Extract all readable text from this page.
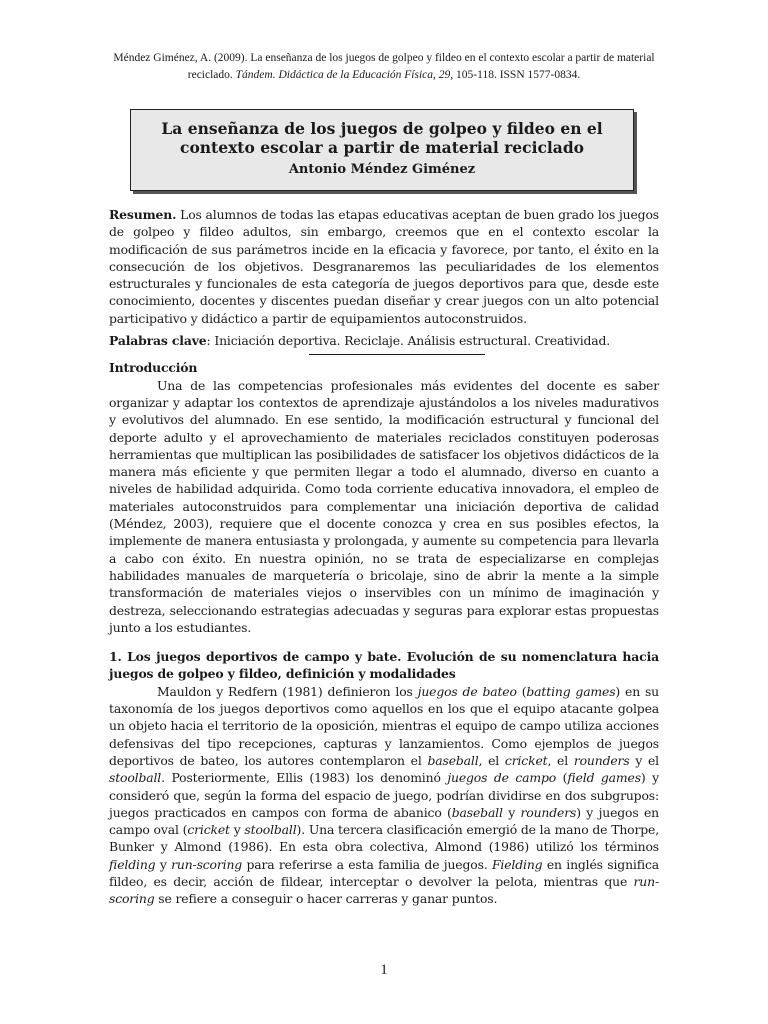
Méndez Giménez, A. (2009). La enseñanza de los juegos de golpeo y fildeo en el contexto escolar a partir de material reciclado. Tándem. Didáctica de la Educación Física, 29, 105-118. ISSN 1577-0834.
La enseñanza de los juegos de golpeo y fildeo en el contexto escolar a partir de material reciclado
Antonio Méndez Giménez

Resumen. Los alumnos de todas las etapas educativas aceptan de buen grado los juegos de golpeo y fildeo adultos, sin embargo, creemos que en el contexto escolar la modificación de sus parámetros incide en la eficacia y favorece, por tanto, el éxito en la consecución de los objetivos. Desgranaremos las peculiaridades de los elementos estructurales y funcionales de esta categoría de juegos deportivos para que, desde este conocimiento, docentes y discentes puedan diseñar y crear juegos con un alto potencial participativo y didáctico a partir de equipamientos autoconstruidos.

Palabras clave: Iniciación deportiva. Reciclaje. Análisis estructural. Creatividad.

Introducción

Una de las competencias profesionales más evidentes del docente es saber organizar y adaptar los contextos de aprendizaje ajustándolos a los niveles madurativos y evolutivos del alumnado. En ese sentido, la modificación estructural y funcional del deporte adulto y el aprovechamiento de materiales reciclados constituyen poderosas herramientas que multiplican las posibilidades de satisfacer los objetivos didácticos de la manera más eficiente y que permiten llegar a todo el alumnado, diverso en cuanto a niveles de habilidad adquirida. Como toda corriente educativa innovadora, el empleo de materiales autoconstruidos para complementar una iniciación deportiva de calidad (Méndez, 2003), requiere que el docente conozca y crea en sus posibles efectos, la implemente de manera entusiasta y prolongada, y aumente su competencia para llevarla a cabo con éxito. En nuestra opinión, no se trata de especializarse en complejas habilidades manuales de marquetería o bricolaje, sino de abrir la mente a la simple transformación de materiales viejos o inservibles con un mínimo de imaginación y destreza, seleccionando estrategias adecuadas y seguras para explorar estas propuestas junto a los estudiantes.

1. Los juegos deportivos de campo y bate. Evolución de su nomenclatura hacia juegos de golpeo y fildeo, definición y modalidades

Mauldon y Redfern (1981) definieron los juegos de bateo (batting games) en su taxonomía de los juegos deportivos como aquellos en los que el equipo atacante golpea un objeto hacia el territorio de la oposición, mientras el equipo de campo utiliza acciones defensivas del tipo recepciones, capturas y lanzamientos. Como ejemplos de juegos deportivos de bateo, los autores contemplaron el baseball, el cricket, el rounders y el stoolball. Posteriormente, Ellis (1983) los denominó juegos de campo (field games) y consideró que, según la forma del espacio de juego, podrían dividirse en dos subgrupos: juegos practicados en campos con forma de abanico (baseball y rounders) y juegos en campo oval (cricket y stoolball). Una tercera clasificación emergió de la mano de Thorpe, Bunker y Almond (1986). En esta obra colectiva, Almond (1986) utilizó los términos fielding y run-scoring para referirse a esta familia de juegos. Fielding en inglés significa fildeo, es decir, acción de fildear, interceptar o devolver la pelota, mientras que run-scoring se refiere a conseguir o hacer carreras y ganar puntos.

1
